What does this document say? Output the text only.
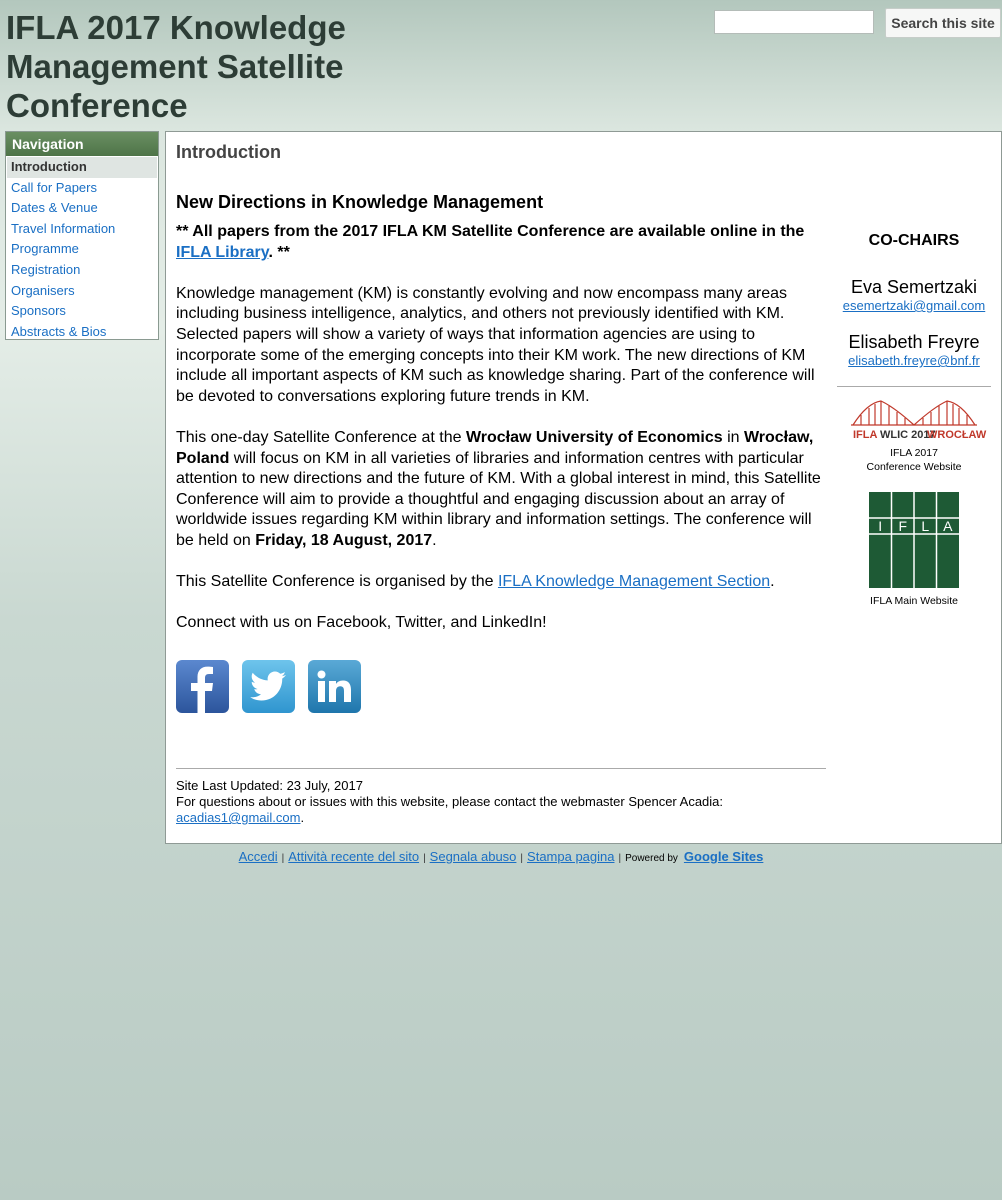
IFLA 2017 Knowledge Management Satellite Conference
Search this site
Navigation
Introduction
Call for Papers
Dates & Venue
Travel Information
Programme
Registration
Organisers
Sponsors
Abstracts & Bios
Introduction
New Directions in Knowledge Management
** All papers from the 2017 IFLA KM Satellite Conference are available online in the IFLA Library. **
Knowledge management (KM) is constantly evolving and now encompass many areas including business intelligence, analytics, and others not previously identified with KM. Selected papers will show a variety of ways that information agencies are using to incorporate some of the emerging concepts into their KM work. The new directions of KM include all important aspects of KM such as knowledge sharing. Part of the conference will be devoted to conversations exploring future trends in KM.
This one-day Satellite Conference at the Wrocław University of Economics in Wrocław, Poland will focus on KM in all varieties of libraries and information centres with particular attention to new directions and the future of KM. With a global interest in mind, this Satellite Conference will aim to provide a thoughtful and engaging discussion about an array of worldwide issues regarding KM within library and information settings. The conference will be held on Friday, 18 August, 2017.
This Satellite Conference is organised by the IFLA Knowledge Management Section.
Connect with us on Facebook, Twitter, and LinkedIn!
Site Last Updated: 23 July, 2017
For questions about or issues with this website, please contact the webmaster Spencer Acadia: acadias1@gmail.com.
CO-CHAIRS
Eva Semertzaki
esemertzaki@gmail.com
Elisabeth Freyre
elisabeth.freyre@bnf.fr
IFLA WLIC 2017
WROCŁAW
IFLA 2017
Conference Website
I F L A
IFLA Main Website
Accedi | Attività recente del sito | Segnala abuso | Stampa pagina | Powered by Google Sites
